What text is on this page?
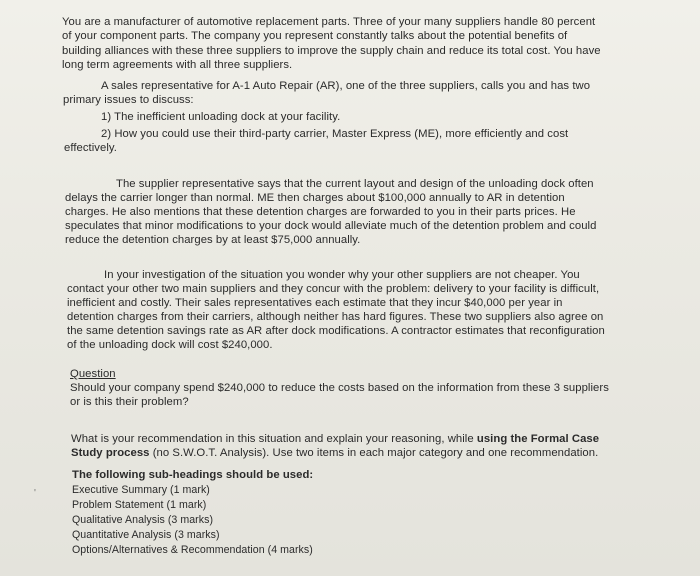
You are a manufacturer of automotive replacement parts. Three of your many suppliers handle 80 percent
of your component parts. The company you represent constantly talks about the potential benefits of
building alliances with these three suppliers to improve the supply chain and reduce its total cost. You have
long term agreements with all three suppliers.
A sales representative for A-1 Auto Repair (AR), one of the three suppliers, calls you and has two
primary issues to discuss:
1) The inefficient unloading dock at your facility.
2) How you could use their third-party carrier, Master Express (ME), more efficiently and cost
effectively.
The supplier representative says that the current layout and design of the unloading dock often
delays the carrier longer than normal. ME then charges about $100,000 annually to AR in detention
charges. He also mentions that these detention charges are forwarded to you in their parts prices. He
speculates that minor modifications to your dock would alleviate much of the detention problem and could
reduce the detention charges by at least $75,000 annually.
In your investigation of the situation you wonder why your other suppliers are not cheaper. You
contact your other two main suppliers and they concur with the problem: delivery to your facility is difficult,
inefficient and costly. Their sales representatives each estimate that they incur $40,000 per year in
detention charges from their carriers, although neither has hard figures. These two suppliers also agree on
the same detention savings rate as AR after dock modifications. A contractor estimates that reconfiguration
of the unloading dock will cost $240,000.
Question
Should your company spend $240,000 to reduce the costs based on the information from these 3 suppliers
or is this their problem?
What is your recommendation in this situation and explain your reasoning, while using the Formal Case
Study process (no S.W.O.T. Analysis). Use two items in each major category and one recommendation.
The following sub-headings should be used:
Executive Summary (1 mark)
Problem Statement (1 mark)
Qualitative Analysis (3 marks)
Quantitative Analysis (3 marks)
Options/Alternatives & Recommendation (4 marks)
'
